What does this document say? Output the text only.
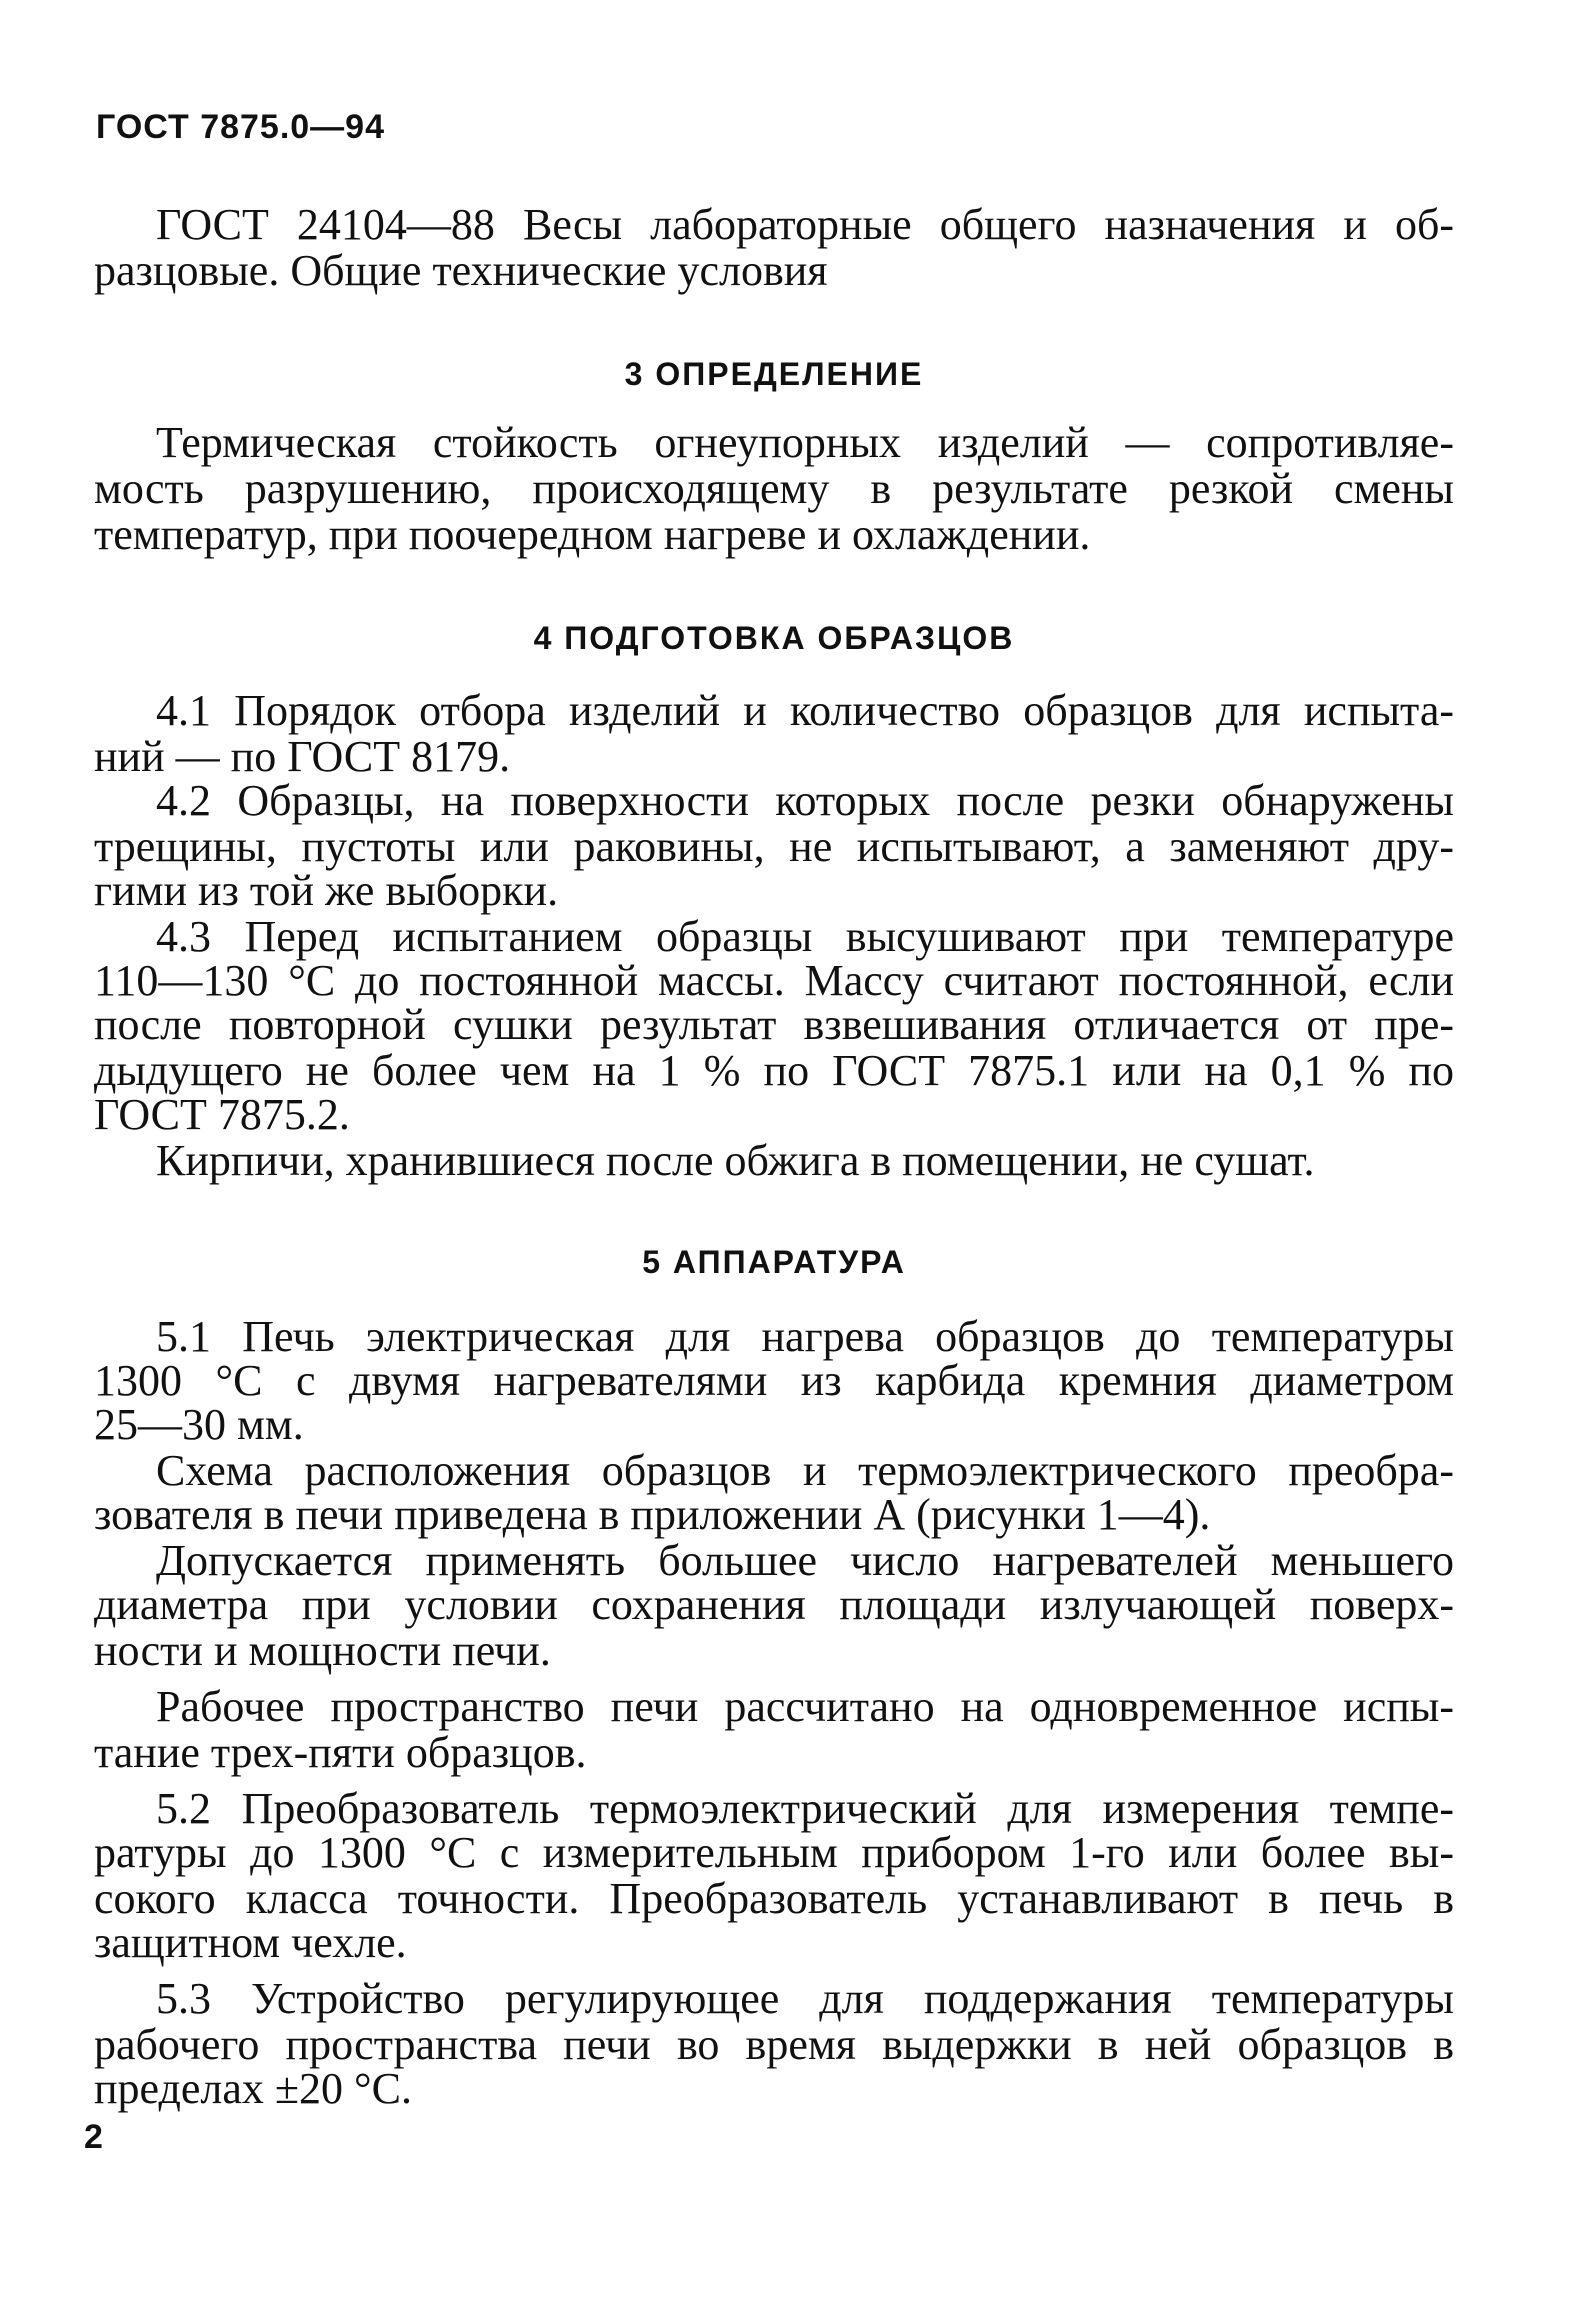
ГОСТ 7875.0—94
ГОСТ 24104—88 Весы лабораторные общего назначения и об-
разцовые. Общие технические условия
3 ОПРЕДЕЛЕНИЕ
Термическая стойкость огнеупорных изделий — сопротивляе-
мость разрушению, происходящему в результате резкой смены
температур, при поочередном нагреве и охлаждении.
4 ПОДГОТОВКА ОБРАЗЦОВ
4.1 Порядок отбора изделий и количество образцов для испыта-
ний — по ГОСТ 8179.
4.2 Образцы, на поверхности которых после резки обнаружены
трещины, пустоты или раковины, не испытывают, а заменяют дру-
гими из той же выборки.
4.3 Перед испытанием образцы высушивают при температуре
110—130 °С до постоянной массы. Массу считают постоянной, если
после повторной сушки результат взвешивания отличается от пре-
дыдущего не более чем на 1 % по ГОСТ 7875.1 или на 0,1 % по
ГОСТ 7875.2.
Кирпичи, хранившиеся после обжига в помещении, не сушат.
5 АППАРАТУРА
5.1 Печь электрическая для нагрева образцов до температуры
1300 °С с двумя нагревателями из карбида кремния диаметром
25—30 мм.
Схема расположения образцов и термоэлектрического преобра-
зователя в печи приведена в приложении А (рисунки 1—4).
Допускается применять большее число нагревателей меньшего
диаметра при условии сохранения площади излучающей поверх-
ности и мощности печи.
Рабочее пространство печи рассчитано на одновременное испы-
тание трех-пяти образцов.
5.2 Преобразователь термоэлектрический для измерения темпе-
ратуры до 1300 °С с измерительным прибором 1-го или более вы-
сокого класса точности. Преобразователь устанавливают в печь в
защитном чехле.
5.3 Устройство регулирующее для поддержания температуры
рабочего пространства печи во время выдержки в ней образцов в
пределах ±20 °С.
2
